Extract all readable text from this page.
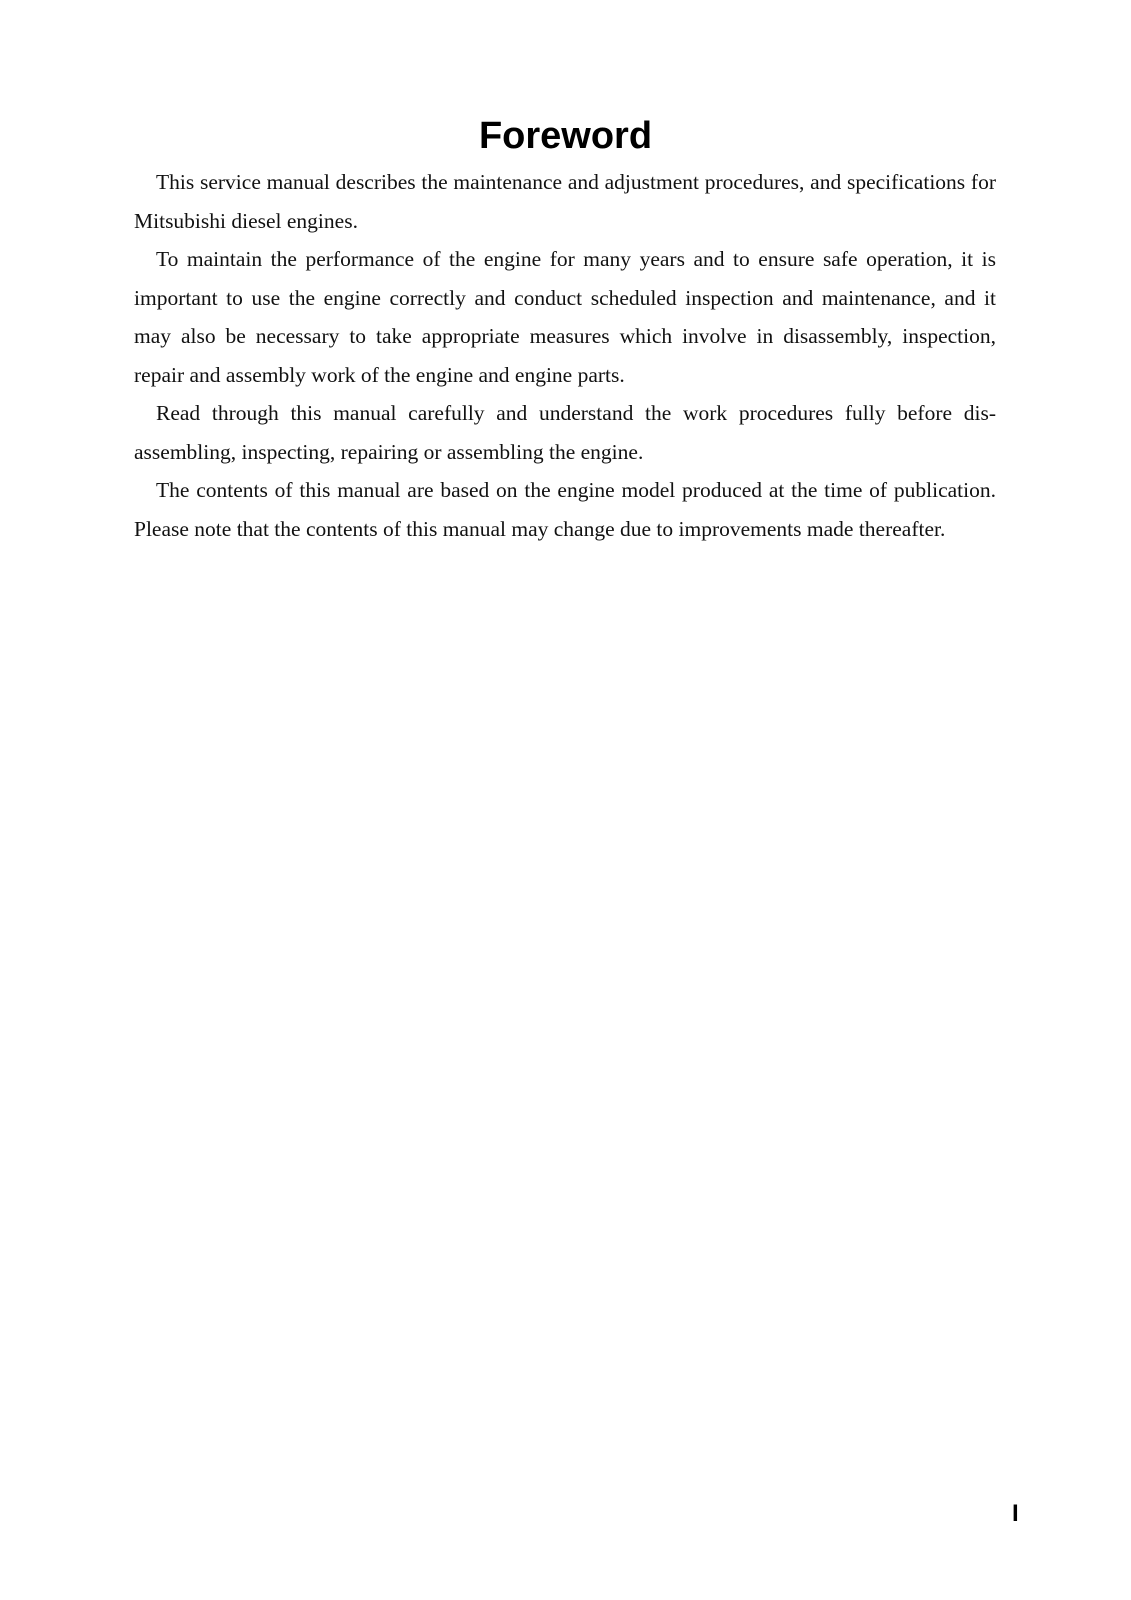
Foreword

This service manual describes the maintenance and adjustment procedures, and specifications for Mitsubishi diesel engines.

To maintain the performance of the engine for many years and to ensure safe operation, it is important to use the engine correctly and conduct scheduled inspection and maintenance, and it may also be necessary to take appropriate measures which involve in disassembly, inspection, repair and assembly work of the engine and engine parts.

Read through this manual carefully and understand the work procedures fully before disassembling, inspecting, repairing or assembling the engine.

The contents of this manual are based on the engine model produced at the time of publication. Please note that the contents of this manual may change due to improvements made thereafter.

I
